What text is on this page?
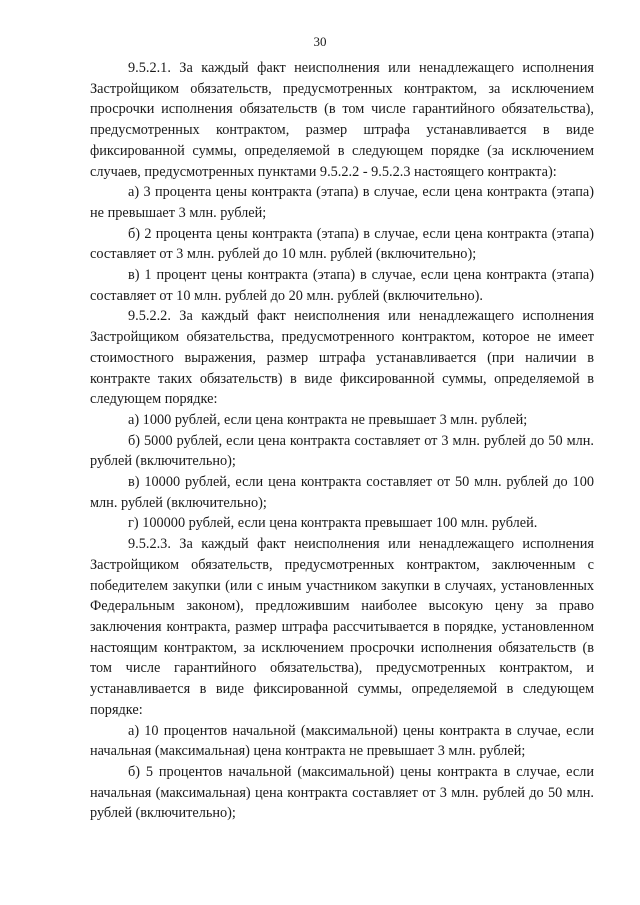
30

9.5.2.1. За каждый факт неисполнения или ненадлежащего исполнения Застройщиком обязательств, предусмотренных контрактом, за исключением просрочки исполнения обязательств (в том числе гарантийного обязательства), предусмотренных контрактом, размер штрафа устанавливается в виде фиксированной суммы, определяемой в следующем порядке (за исключением случаев, предусмотренных пунктами 9.5.2.2 - 9.5.2.3 настоящего контракта):

а) 3 процента цены контракта (этапа) в случае, если цена контракта (этапа) не превышает 3 млн. рублей;

б) 2 процента цены контракта (этапа) в случае, если цена контракта (этапа) составляет от 3 млн. рублей до 10 млн. рублей (включительно);

в) 1 процент цены контракта (этапа) в случае, если цена контракта (этапа) составляет от 10 млн. рублей до 20 млн. рублей (включительно).

9.5.2.2. За каждый факт неисполнения или ненадлежащего исполнения Застройщиком обязательства, предусмотренного контрактом, которое не имеет стоимостного выражения, размер штрафа устанавливается (при наличии в контракте таких обязательств) в виде фиксированной суммы, определяемой в следующем порядке:

а) 1000 рублей, если цена контракта не превышает 3 млн. рублей;

б) 5000 рублей, если цена контракта составляет от 3 млн. рублей до 50 млн. рублей (включительно);

в) 10000 рублей, если цена контракта составляет от 50 млн. рублей до 100 млн. рублей (включительно);

г) 100000 рублей, если цена контракта превышает 100 млн. рублей.

9.5.2.3. За каждый факт неисполнения или ненадлежащего исполнения Застройщиком обязательств, предусмотренных контрактом, заключенным с победителем закупки (или с иным участником закупки в случаях, установленных Федеральным законом), предложившим наиболее высокую цену за право заключения контракта, размер штрафа рассчитывается в порядке, установленном настоящим контрактом, за исключением просрочки исполнения обязательств (в том числе гарантийного обязательства), предусмотренных контрактом, и устанавливается в виде фиксированной суммы, определяемой в следующем порядке:

а) 10 процентов начальной (максимальной) цены контракта в случае, если начальная (максимальная) цена контракта не превышает 3 млн. рублей;

б) 5 процентов начальной (максимальной) цены контракта в случае, если начальная (максимальная) цена контракта составляет от 3 млн. рублей до 50 млн. рублей (включительно);
